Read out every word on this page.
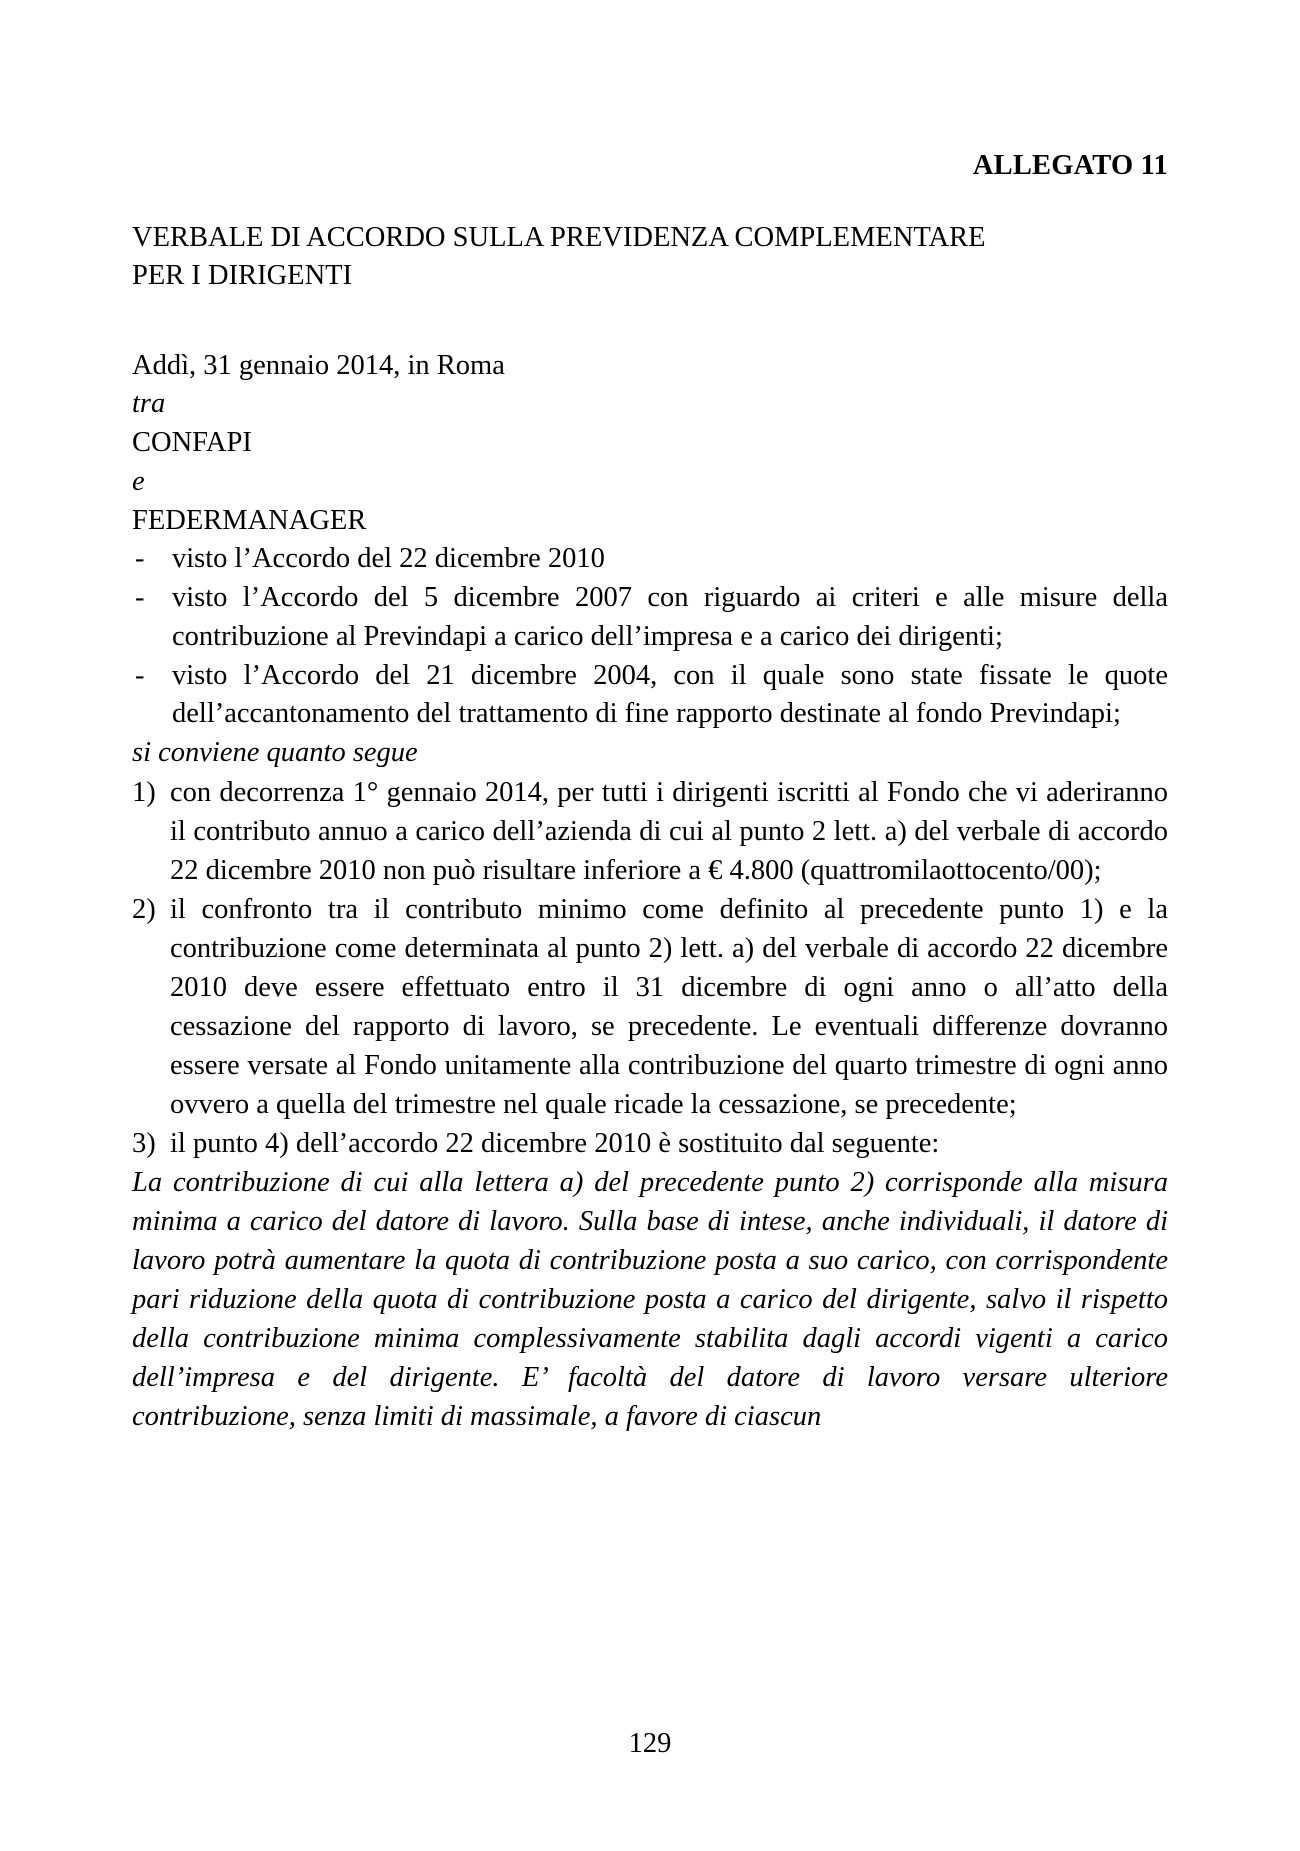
ALLEGATO 11
VERBALE DI ACCORDO SULLA PREVIDENZA COMPLEMENTARE
PER I DIRIGENTI
Addì, 31 gennaio 2014, in Roma
tra
CONFAPI
e
FEDERMANAGER
- visto l’Accordo del 22 dicembre 2010
- visto l’Accordo del 5 dicembre 2007 con riguardo ai criteri e alle misure della contribuzione al Previndapi a carico dell’impresa e a carico dei dirigenti;
- visto l’Accordo del 21 dicembre 2004, con il quale sono state fissate le quote dell’accantonamento del trattamento di fine rapporto destinate al fondo Previndapi;
si conviene quanto segue
1) con decorrenza 1° gennaio 2014, per tutti i dirigenti iscritti al Fondo che vi aderiranno il contributo annuo a carico dell’azienda di cui al punto 2 lett. a) del verbale di accordo 22 dicembre 2010 non può risultare inferiore a € 4.800 (quattromilaottocento/00);
2) il confronto tra il contributo minimo come definito al precedente punto 1) e la contribuzione come determinata al punto 2) lett. a) del verbale di accordo 22 dicembre 2010 deve essere effettuato entro il 31 dicembre di ogni anno o all’atto della cessazione del rapporto di lavoro, se precedente. Le eventuali differenze dovranno essere versate al Fondo unitamente alla contribuzione del quarto trimestre di ogni anno ovvero a quella del trimestre nel quale ricade la cessazione, se precedente;
3) il punto 4) dell’accordo 22 dicembre 2010 è sostituito dal seguente:
La contribuzione di cui alla lettera a) del precedente punto 2) corrisponde alla misura minima a carico del datore di lavoro. Sulla base di intese, anche individuali, il datore di lavoro potrà aumentare la quota di contribuzione posta a suo carico, con corrispondente pari riduzione della quota di contribuzione posta a carico del dirigente, salvo il rispetto della contribuzione minima complessivamente stabilita dagli accordi vigenti a carico dell’impresa e del dirigente. E’ facoltà del datore di lavoro versare ulteriore contribuzione, senza limiti di massimale, a favore di ciascun
129
